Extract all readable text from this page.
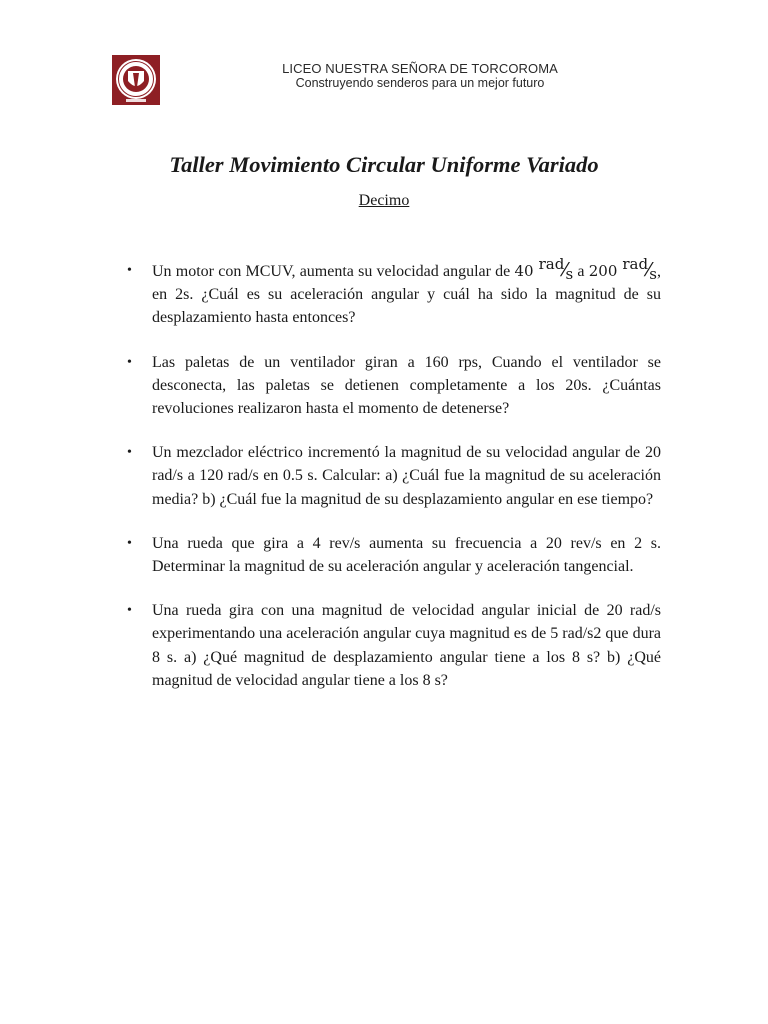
LICEO NUESTRA SEÑORA DE TORCOROMA
Construyendo senderos para un mejor futuro
Taller Movimiento Circular Uniforme Variado
Decimo
• Un motor con MCUV, aumenta su velocidad angular de 40 rad⁄s a 200 rad⁄s, en 2s. ¿Cuál es su aceleración angular y cuál ha sido la magnitud de su desplazamiento hasta entonces?
• Las paletas de un ventilador giran a 160 rps, Cuando el ventilador se desconecta, las paletas se detienen completamente a los 20s. ¿Cuántas revoluciones realizaron hasta el momento de detenerse?
• Un mezclador eléctrico incrementó la magnitud de su velocidad angular de 20 rad/s a 120 rad/s en 0.5 s. Calcular: a) ¿Cuál fue la magnitud de su aceleración media? b) ¿Cuál fue la magnitud de su desplazamiento angular en ese tiempo?
• Una rueda que gira a 4 rev/s aumenta su frecuencia a 20 rev/s en 2 s. Determinar la magnitud de su aceleración angular y aceleración tangencial.
• Una rueda gira con una magnitud de velocidad angular inicial de 20 rad/s experimentando una aceleración angular cuya magnitud es de 5 rad/s2 que dura 8 s. a) ¿Qué magnitud de desplazamiento angular tiene a los 8 s? b) ¿Qué magnitud de velocidad angular tiene a los 8 s?
